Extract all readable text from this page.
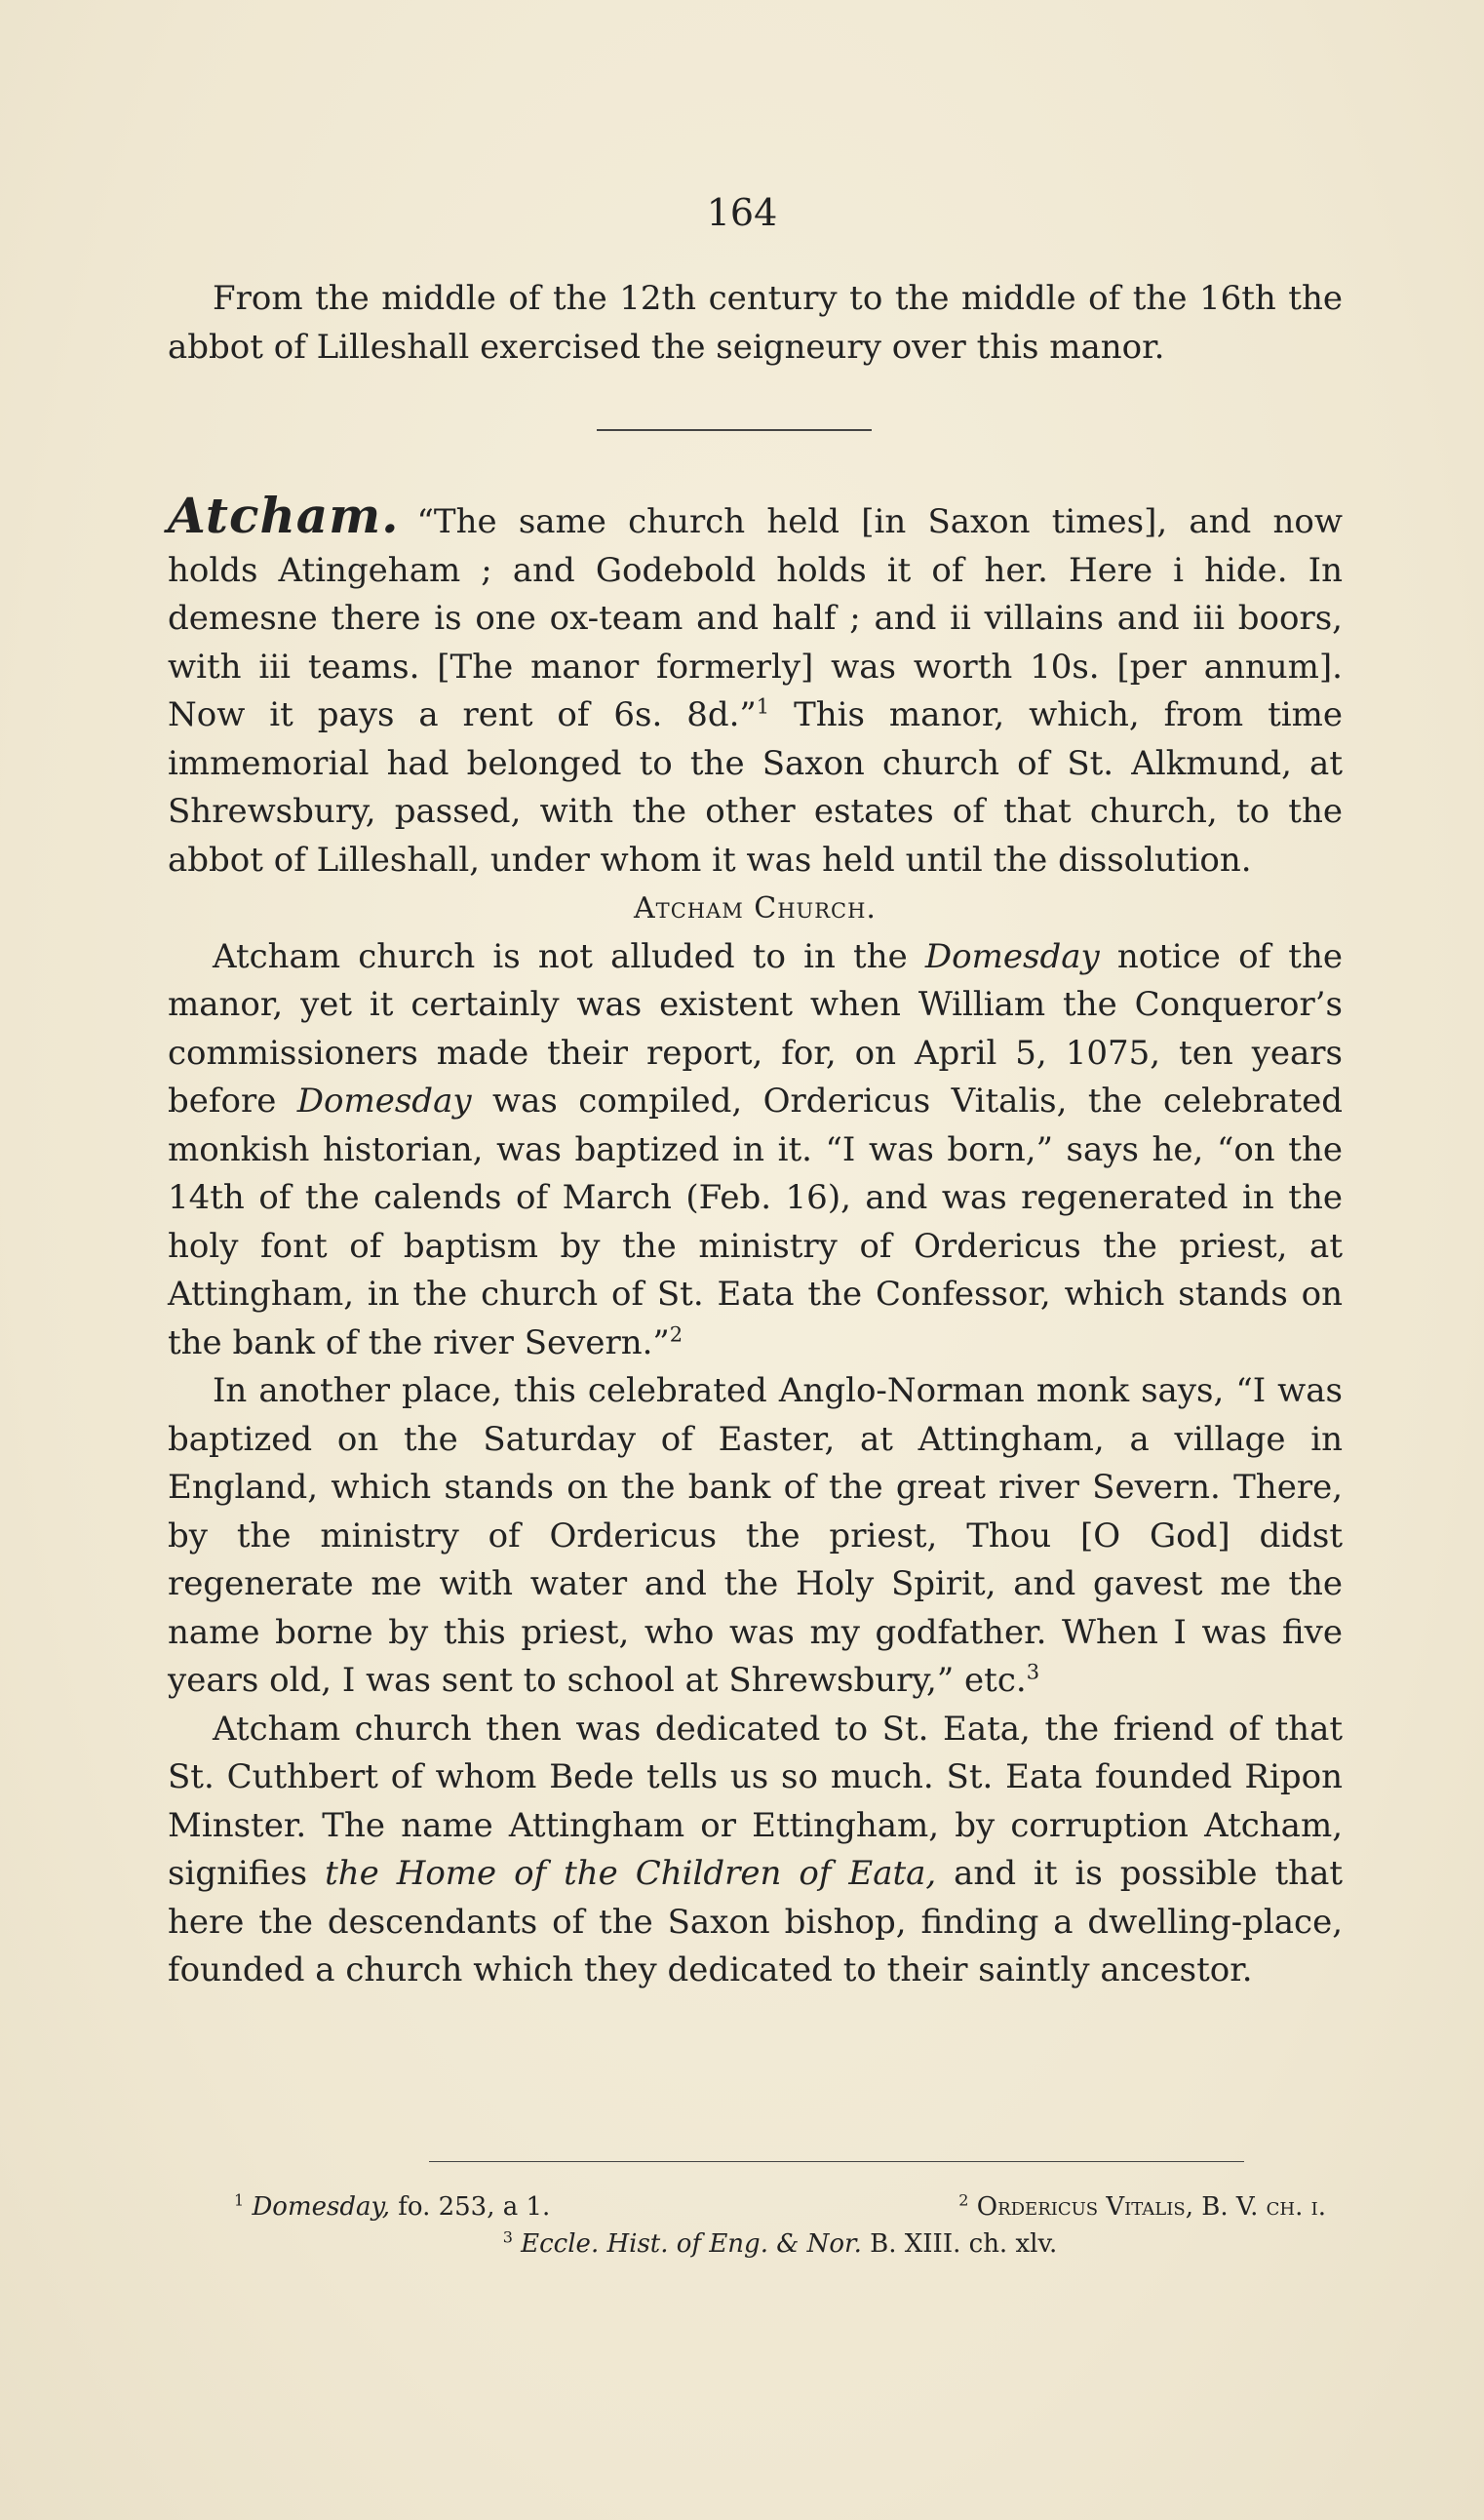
164

From the middle of the 12th century to the middle of the 16th the abbot of Lilleshall exercised the seigneury over this manor.

Atcham. “The same church held [in Saxon times], and now holds Atingeham ; and Godebold holds it of her. Here i hide. In demesne there is one ox-team and half ; and ii villains and iii boors, with iii teams. [The manor formerly] was worth 10s. [per annum]. Now it pays a rent of 6s. 8d.”$^1$ This manor, which, from time immemorial had belonged to the Saxon church of St. Alkmund, at Shrewsbury, passed, with the other estates of that church, to the abbot of Lilleshall, under whom it was held until the dissolution.

Atcham Church.

Atcham church is not alluded to in the Domesday notice of the manor, yet it certainly was existent when William the Conqueror’s commissioners made their report, for, on April 5, 1075, ten years before Domesday was compiled, Ordericus Vitalis, the celebrated monkish historian, was baptized in it. “I was born,” says he, “on the 14th of the calends of March (Feb. 16), and was regenerated in the holy font of baptism by the ministry of Ordericus the priest, at Attingham, in the church of St. Eata the Confessor, which stands on the bank of the river Severn.”$^2$

In another place, this celebrated Anglo-Norman monk says, “I was baptized on the Saturday of Easter, at Attingham, a village in England, which stands on the bank of the great river Severn. There, by the ministry of Ordericus the priest, Thou [O God] didst regenerate me with water and the Holy Spirit, and gavest me the name borne by this priest, who was my godfather. When I was five years old, I was sent to school at Shrewsbury,” etc.$^3$

Atcham church then was dedicated to St. Eata, the friend of that St. Cuthbert of whom Bede tells us so much. St. Eata founded Ripon Minster. The name Attingham or Ettingham, by corruption Atcham, signifies the Home of the Children of Eata, and it is possible that here the descendants of the Saxon bishop, finding a dwelling-place, founded a church which they dedicated to their saintly ancestor.

$^1$ Domesday, fo. 253, a 1.	$^2$ Ordericus Vitalis, B. V. ch. i.
$^3$ Eccle. Hist. of Eng. & Nor. B. XIII. ch. xlv.
